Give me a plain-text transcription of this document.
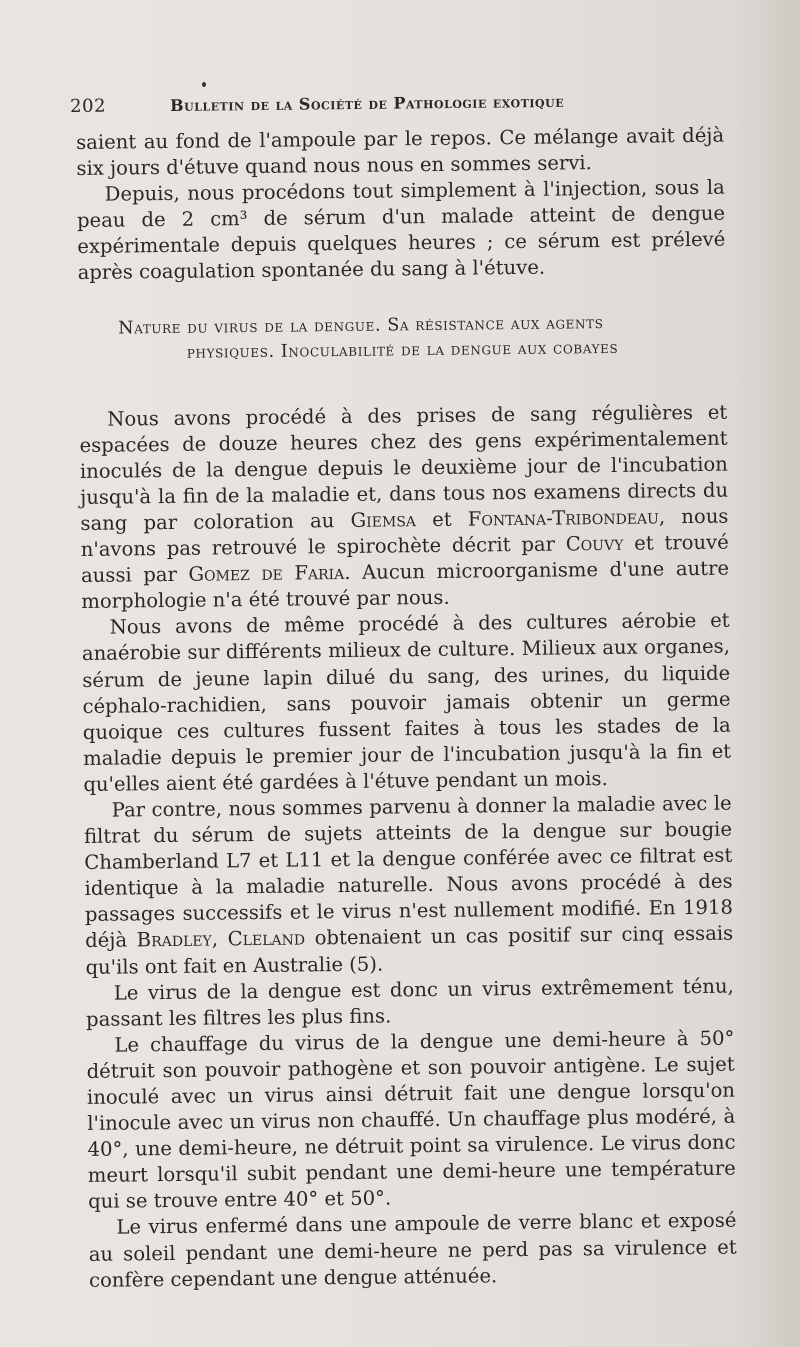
202	Bulletin de la Société de Pathologie exotique

saient au fond de l'ampoule par le repos. Ce mélange avait déjà six jours d'étuve quand nous nous en sommes servi.

Depuis, nous procédons tout simplement à l'injection, sous la peau de 2 cm³ de sérum d'un malade atteint de dengue expérimentale depuis quelques heures ; ce sérum est prélevé après coagulation spontanée du sang à l'étuve.

Nature du virus de la dengue. Sa résistance aux agents
physiques. Inoculabilité de la dengue aux cobayes

Nous avons procédé à des prises de sang régulières et espacées de douze heures chez des gens expérimentalement inoculés de la dengue depuis le deuxième jour de l'incubation jusqu'à la fin de la maladie et, dans tous nos examens directs du sang par coloration au Giemsa et Fontana-Tribondeau, nous n'avons pas retrouvé le spirochète décrit par Couvy et trouvé aussi par Gomez de Faria. Aucun microorganisme d'une autre morphologie n'a été trouvé par nous.

Nous avons de même procédé à des cultures aérobie et anaérobie sur différents milieux de culture. Milieux aux organes, sérum de jeune lapin dilué du sang, des urines, du liquide céphalo-rachidien, sans pouvoir jamais obtenir un germe quoique ces cultures fussent faites à tous les stades de la maladie depuis le premier jour de l'incubation jusqu'à la fin et qu'elles aient été gardées à l'étuve pendant un mois.

Par contre, nous sommes parvenu à donner la maladie avec le filtrat du sérum de sujets atteints de la dengue sur bougie Chamberland L7 et L11 et la dengue conférée avec ce filtrat est identique à la maladie naturelle. Nous avons procédé à des passages successifs et le virus n'est nullement modifié. En 1918 déjà Bradley, Cleland obtenaient un cas positif sur cinq essais qu'ils ont fait en Australie (5).

Le virus de la dengue est donc un virus extrêmement ténu, passant les filtres les plus fins.

Le chauffage du virus de la dengue une demi-heure à 50° détruit son pouvoir pathogène et son pouvoir antigène. Le sujet inoculé avec un virus ainsi détruit fait une dengue lorsqu'on l'inocule avec un virus non chauffé. Un chauffage plus modéré, à 40°, une demi-heure, ne détruit point sa virulence. Le virus donc meurt lorsqu'il subit pendant une demi-heure une température qui se trouve entre 40° et 50°.

Le virus enfermé dans une ampoule de verre blanc et exposé au soleil pendant une demi-heure ne perd pas sa virulence et confère cependant une dengue atténuée.
